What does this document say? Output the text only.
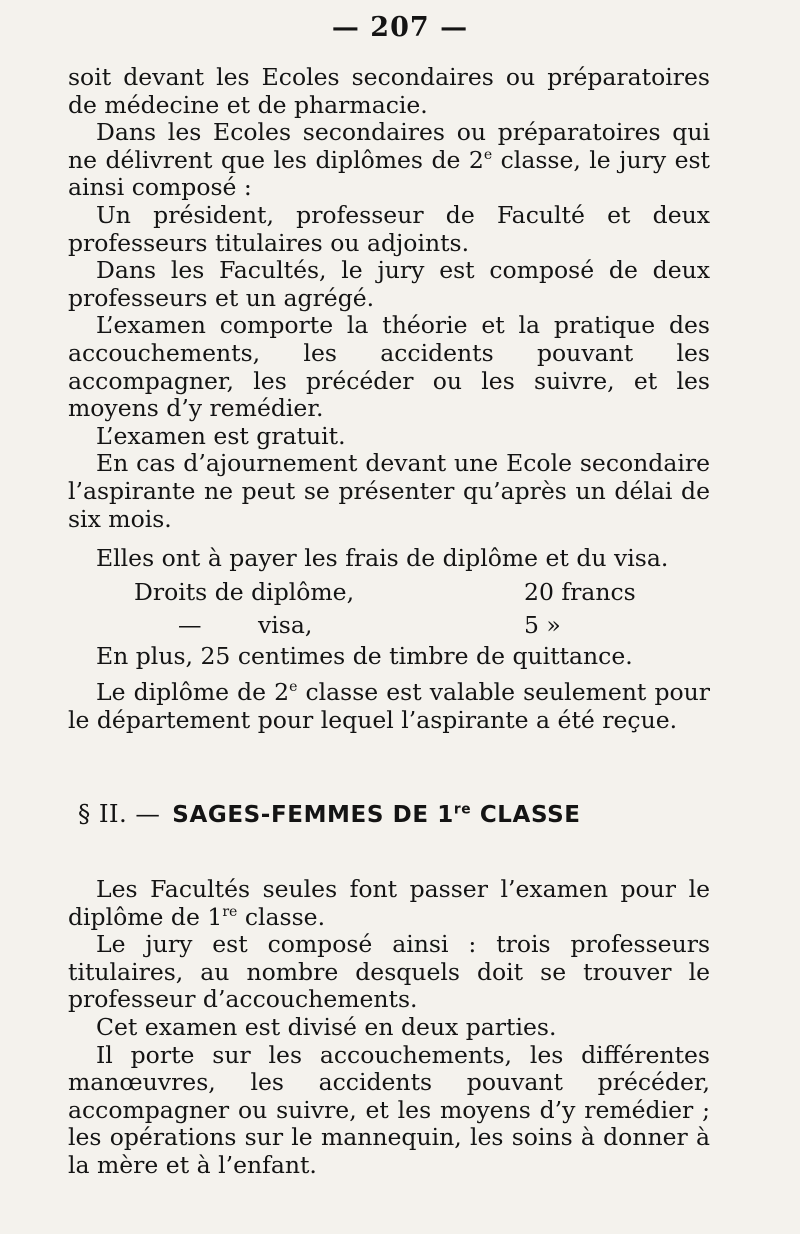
— 207 —

soit devant les Ecoles secondaires ou préparatoires de médecine et de pharmacie.

Dans les Ecoles secondaires ou préparatoires qui ne délivrent que les diplômes de 2e classe, le jury est ainsi composé :

Un président, professeur de Faculté et deux professeurs titulaires ou adjoints.

Dans les Facultés, le jury est composé de deux professeurs et un agrégé.

L’examen comporte la théorie et la pratique des accouchements, les accidents pouvant les accompagner, les précéder ou les suivre, et les moyens d’y remédier.

L’examen est gratuit.

En cas d’ajournement devant une Ecole secondaire l’aspirante ne peut se présenter qu’après un délai de six mois.

Elles ont à payer les frais de diplôme et du visa.

Droits de diplôme,	20 francs
— visa,	5 »

En plus, 25 centimes de timbre de quittance.

Le diplôme de 2e classe est valable seulement pour le département pour lequel l’aspirante a été reçue.

§ II. — SAGES-FEMMES DE 1re CLASSE

Les Facultés seules font passer l’examen pour le diplôme de 1re classe.

Le jury est composé ainsi : trois professeurs titulaires, au nombre desquels doit se trouver le professeur d’accouchements.

Cet examen est divisé en deux parties.

Il porte sur les accouchements, les différentes manœuvres, les accidents pouvant précéder, accompagner ou suivre, et les moyens d’y remédier ; les opérations sur le mannequin, les soins à donner à la mère et à l’enfant.
